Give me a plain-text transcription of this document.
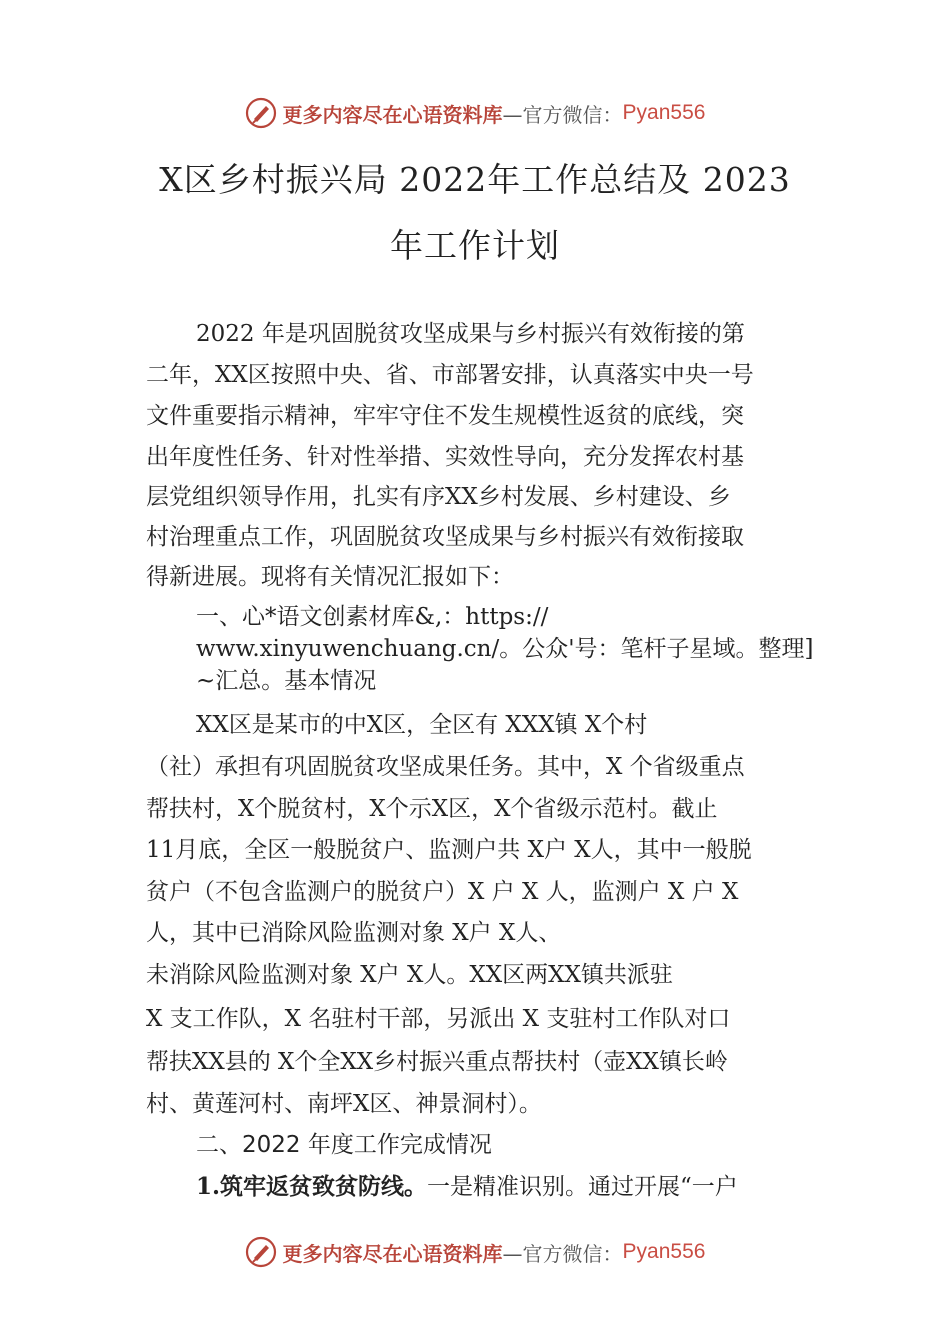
更多内容尽在心语资料库 —官方微信： Pyan556
X区乡村振兴局 2022年工作总结及 2023
年工作计划
2022 年是巩固脱贫攻坚成果与乡村振兴有效衔接的第
二年，XX区按照中央、省、市部署安排，认真落实中央一号
文件重要指示精神，牢牢守住不发生规模性返贫的底线，突
出年度性任务、针对性举措、实效性导向，充分发挥农村基
层党组织领导作用，扎实有序XX乡村发展、乡村建设、乡
村治理重点工作，巩固脱贫攻坚成果与乡村振兴有效衔接取
得新进展。现将有关情况汇报如下：
一、心*语文创素材库&,：https://
www.xinyuwenchuang.cn/。公众'号：笔杆子星域。整理]
~汇总。基本情况
XX区是某市的中X区，全区有 XXX镇 X个村
（社）承担有巩固脱贫攻坚成果任务。其中，X 个省级重点
帮扶村，X个脱贫村，X个示X区，X个省级示范村。截止
11月底，全区一般脱贫户、监测户共 X户 X人，其中一般脱
贫户（不包含监测户的脱贫户）X 户 X 人，监测户 X 户 X
人，其中已消除风险监测对象 X户 X人、
未消除风险监测对象 X户 X人。XX区两XX镇共派驻
X 支工作队，X 名驻村干部，另派出 X 支驻村工作队对口
帮扶XX县的 X个全XX乡村振兴重点帮扶村（壶XX镇长岭
村、黄莲河村、南坪X区、神景洞村）。
二、2022 年度工作完成情况
1.筑牢返贫致贫防线。一是精准识别。通过开展“一户
更多内容尽在心语资料库 —官方微信： Pyan556
